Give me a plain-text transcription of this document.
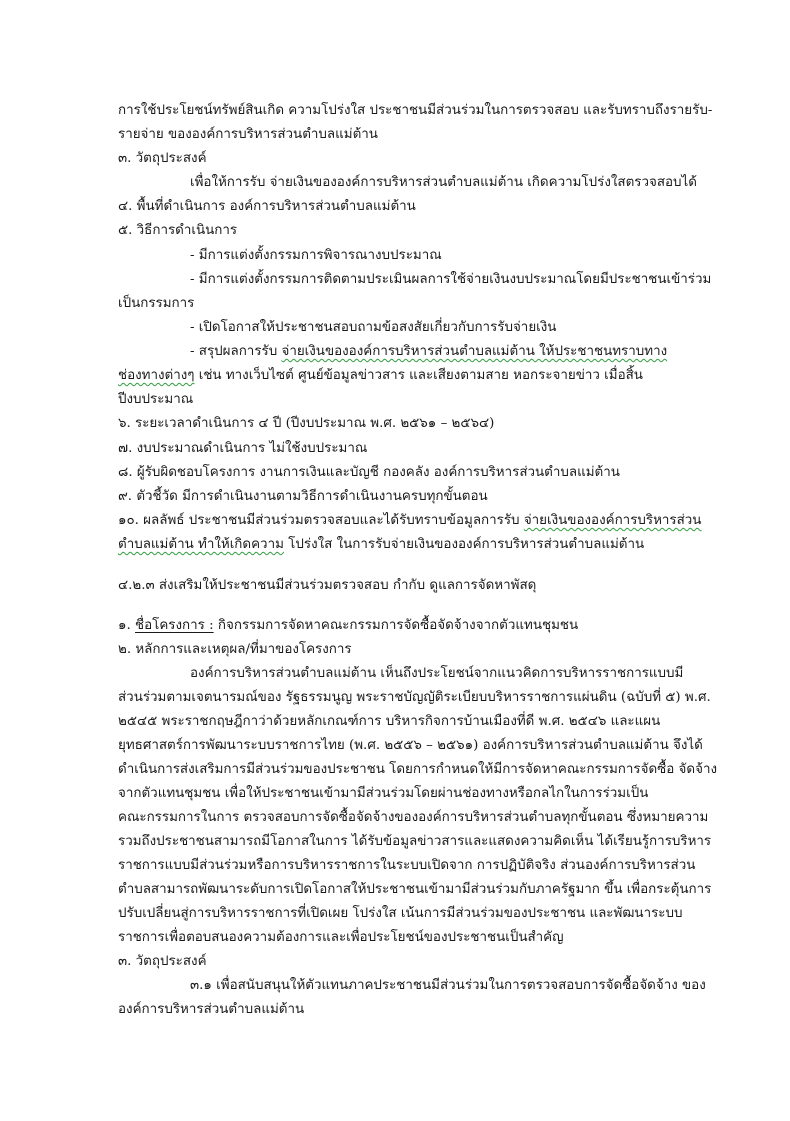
การใช้ประโยชน์ทรัพย์สินเกิด ความโปร่งใส ประชาชนมีส่วนร่วมในการตรวจสอบ และรับทราบถึงรายรับ-

รายจ่าย ขององค์การบริหารส่วนตำบลแม่ต้าน

๓. วัตถุประสงค์

เพื่อให้การรับ จ่ายเงินขององค์การบริหารส่วนตำบลแม่ต้าน เกิดความโปร่งใสตรวจสอบได้

๔. พื้นที่ดำเนินการ องค์การบริหารส่วนตำบลแม่ต้าน

๕. วิธีการดำเนินการ

- มีการแต่งตั้งกรรมการพิจารณางบประมาณ

- มีการแต่งตั้งกรรมการติดตามประเมินผลการใช้จ่ายเงินงบประมาณโดยมีประชาชนเข้าร่วม

เป็นกรรมการ

- เปิดโอกาสให้ประชาชนสอบถามข้อสงสัยเกี่ยวกับการรับจ่ายเงิน

- สรุปผลการรับ จ่ายเงินขององค์การบริหารส่วนตำบลแม่ต้าน ให้ประชาชนทราบทาง

ช่องทางต่างๆ เช่น ทางเว็บไซต์ ศูนย์ข้อมูลข่าวสาร และเสียงตามสาย หอกระจายข่าว เมื่อสิ้น

ปีงบประมาณ

๖. ระยะเวลาดำเนินการ ๔ ปี (ปีงบประมาณ พ.ศ. ๒๕๖๑ – ๒๕๖๔)

๗. งบประมาณดำเนินการ ไม่ใช้งบประมาณ

๘. ผู้รับผิดชอบโครงการ งานการเงินและบัญชี กองคลัง องค์การบริหารส่วนตำบลแม่ต้าน

๙. ตัวชี้วัด มีการดำเนินงานตามวิธีการดำเนินงานครบทุกขั้นตอน

๑๐. ผลลัพธ์ ประชาชนมีส่วนร่วมตรวจสอบและได้รับทราบข้อมูลการรับ จ่ายเงินขององค์การบริหารส่วน

ตำบลแม่ต้าน ทำให้เกิดความ โปร่งใส ในการรับจ่ายเงินขององค์การบริหารส่วนตำบลแม่ต้าน

๔.๒.๓ ส่งเสริมให้ประชาชนมีส่วนร่วมตรวจสอบ กำกับ ดูแลการจัดหาพัสดุ

๑. ชื่อโครงการ : กิจกรรมการจัดหาคณะกรรมการจัดซื้อจัดจ้างจากตัวแทนชุมชน

๒. หลักการและเหตุผล/ที่มาของโครงการ

องค์การบริหารส่วนตำบลแม่ต้าน เห็นถึงประโยชน์จากแนวคิดการบริหารราชการแบบมี

ส่วนร่วมตามเจตนารมณ์ของ รัฐธรรมนูญ พระราชบัญญัติระเบียบบริหารราชการแผ่นดิน (ฉบับที่ ๕) พ.ศ.

๒๕๔๕ พระราชกฤษฎีกาว่าด้วยหลักเกณฑ์การ บริหารกิจการบ้านเมืองที่ดี พ.ศ. ๒๕๔๖ และแผน

ยุทธศาสตร์การพัฒนาระบบราชการไทย (พ.ศ. ๒๕๕๖ – ๒๕๖๑) องค์การบริหารส่วนตำบลแม่ต้าน จึงได้

ดำเนินการส่งเสริมการมีส่วนร่วมของประชาชน โดยการกำหนดให้มีการจัดหาคณะกรรมการจัดซื้อ จัดจ้าง

จากตัวแทนชุมชน เพื่อให้ประชาชนเข้ามามีส่วนร่วมโดยผ่านช่องทางหรือกลไกในการร่วมเป็น

คณะกรรมการในการ ตรวจสอบการจัดซื้อจัดจ้างขององค์การบริหารส่วนตำบลทุกขั้นตอน ซึ่งหมายความ

รวมถึงประชาชนสามารถมีโอกาสในการ ได้รับข้อมูลข่าวสารและแสดงความคิดเห็น ได้เรียนรู้การบริหาร

ราชการแบบมีส่วนร่วมหรือการบริหารราชการในระบบเปิดจาก การปฏิบัติจริง ส่วนองค์การบริหารส่วน

ตำบลสามารถพัฒนาระดับการเปิดโอกาสให้ประชาชนเข้ามามีส่วนร่วมกับภาครัฐมาก ขึ้น เพื่อกระตุ้นการ

ปรับเปลี่ยนสู่การบริหารราชการที่เปิดเผย โปร่งใส เน้นการมีส่วนร่วมของประชาชน และพัฒนาระบบ

ราชการเพื่อตอบสนองความต้องการและเพื่อประโยชน์ของประชาชนเป็นสำคัญ

๓. วัตถุประสงค์

๓.๑ เพื่อสนับสนุนให้ตัวแทนภาคประชาชนมีส่วนร่วมในการตรวจสอบการจัดซื้อจัดจ้าง ของ

องค์การบริหารส่วนตำบลแม่ต้าน
